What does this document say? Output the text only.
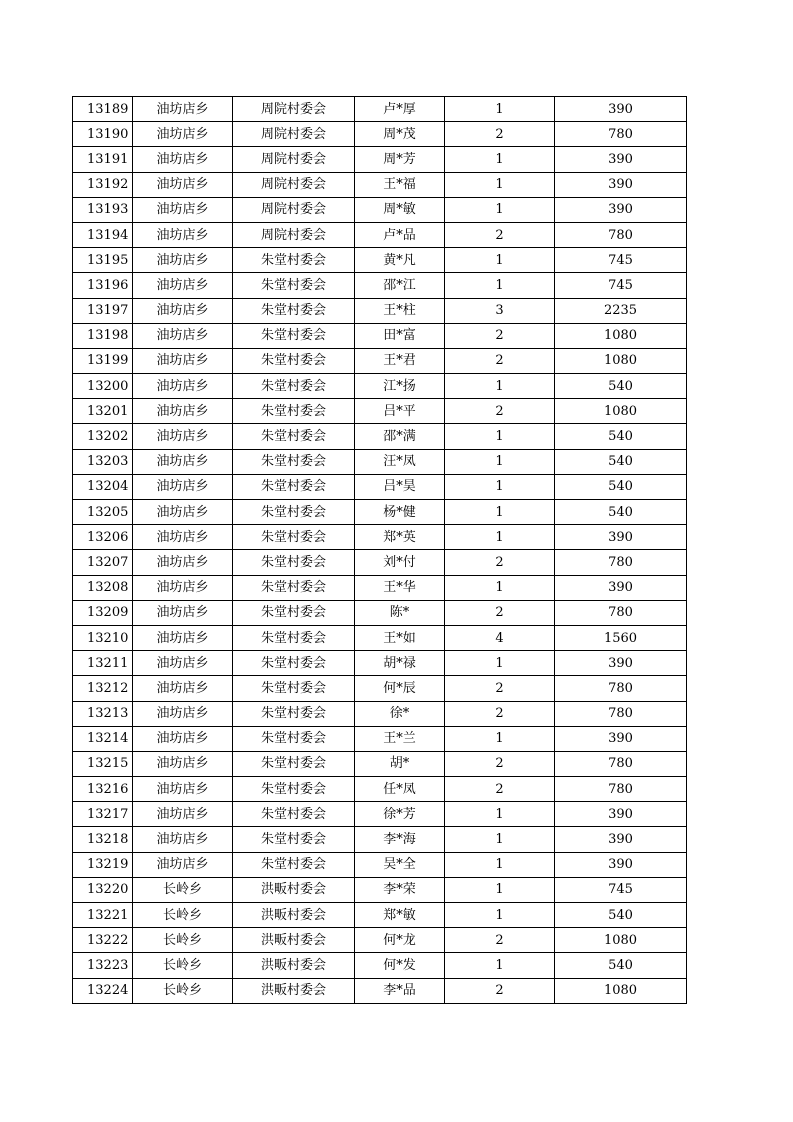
13189	油坊店乡	周院村委会	卢*厚	1	390
13190	油坊店乡	周院村委会	周*茂	2	780
13191	油坊店乡	周院村委会	周*芳	1	390
13192	油坊店乡	周院村委会	王*福	1	390
13193	油坊店乡	周院村委会	周*敏	1	390
13194	油坊店乡	周院村委会	卢*品	2	780
13195	油坊店乡	朱堂村委会	黄*凡	1	745
13196	油坊店乡	朱堂村委会	邵*江	1	745
13197	油坊店乡	朱堂村委会	王*柱	3	2235
13198	油坊店乡	朱堂村委会	田*富	2	1080
13199	油坊店乡	朱堂村委会	王*君	2	1080
13200	油坊店乡	朱堂村委会	江*扬	1	540
13201	油坊店乡	朱堂村委会	吕*平	2	1080
13202	油坊店乡	朱堂村委会	邵*满	1	540
13203	油坊店乡	朱堂村委会	汪*凤	1	540
13204	油坊店乡	朱堂村委会	吕*昊	1	540
13205	油坊店乡	朱堂村委会	杨*健	1	540
13206	油坊店乡	朱堂村委会	郑*英	1	390
13207	油坊店乡	朱堂村委会	刘*付	2	780
13208	油坊店乡	朱堂村委会	王*华	1	390
13209	油坊店乡	朱堂村委会	陈*	2	780
13210	油坊店乡	朱堂村委会	王*如	4	1560
13211	油坊店乡	朱堂村委会	胡*禄	1	390
13212	油坊店乡	朱堂村委会	何*辰	2	780
13213	油坊店乡	朱堂村委会	徐*	2	780
13214	油坊店乡	朱堂村委会	王*兰	1	390
13215	油坊店乡	朱堂村委会	胡*	2	780
13216	油坊店乡	朱堂村委会	任*凤	2	780
13217	油坊店乡	朱堂村委会	徐*芳	1	390
13218	油坊店乡	朱堂村委会	李*海	1	390
13219	油坊店乡	朱堂村委会	吴*全	1	390
13220	长岭乡	洪畈村委会	李*荣	1	745
13221	长岭乡	洪畈村委会	郑*敏	1	540
13222	长岭乡	洪畈村委会	何*龙	2	1080
13223	长岭乡	洪畈村委会	何*发	1	540
13224	长岭乡	洪畈村委会	李*品	2	1080
